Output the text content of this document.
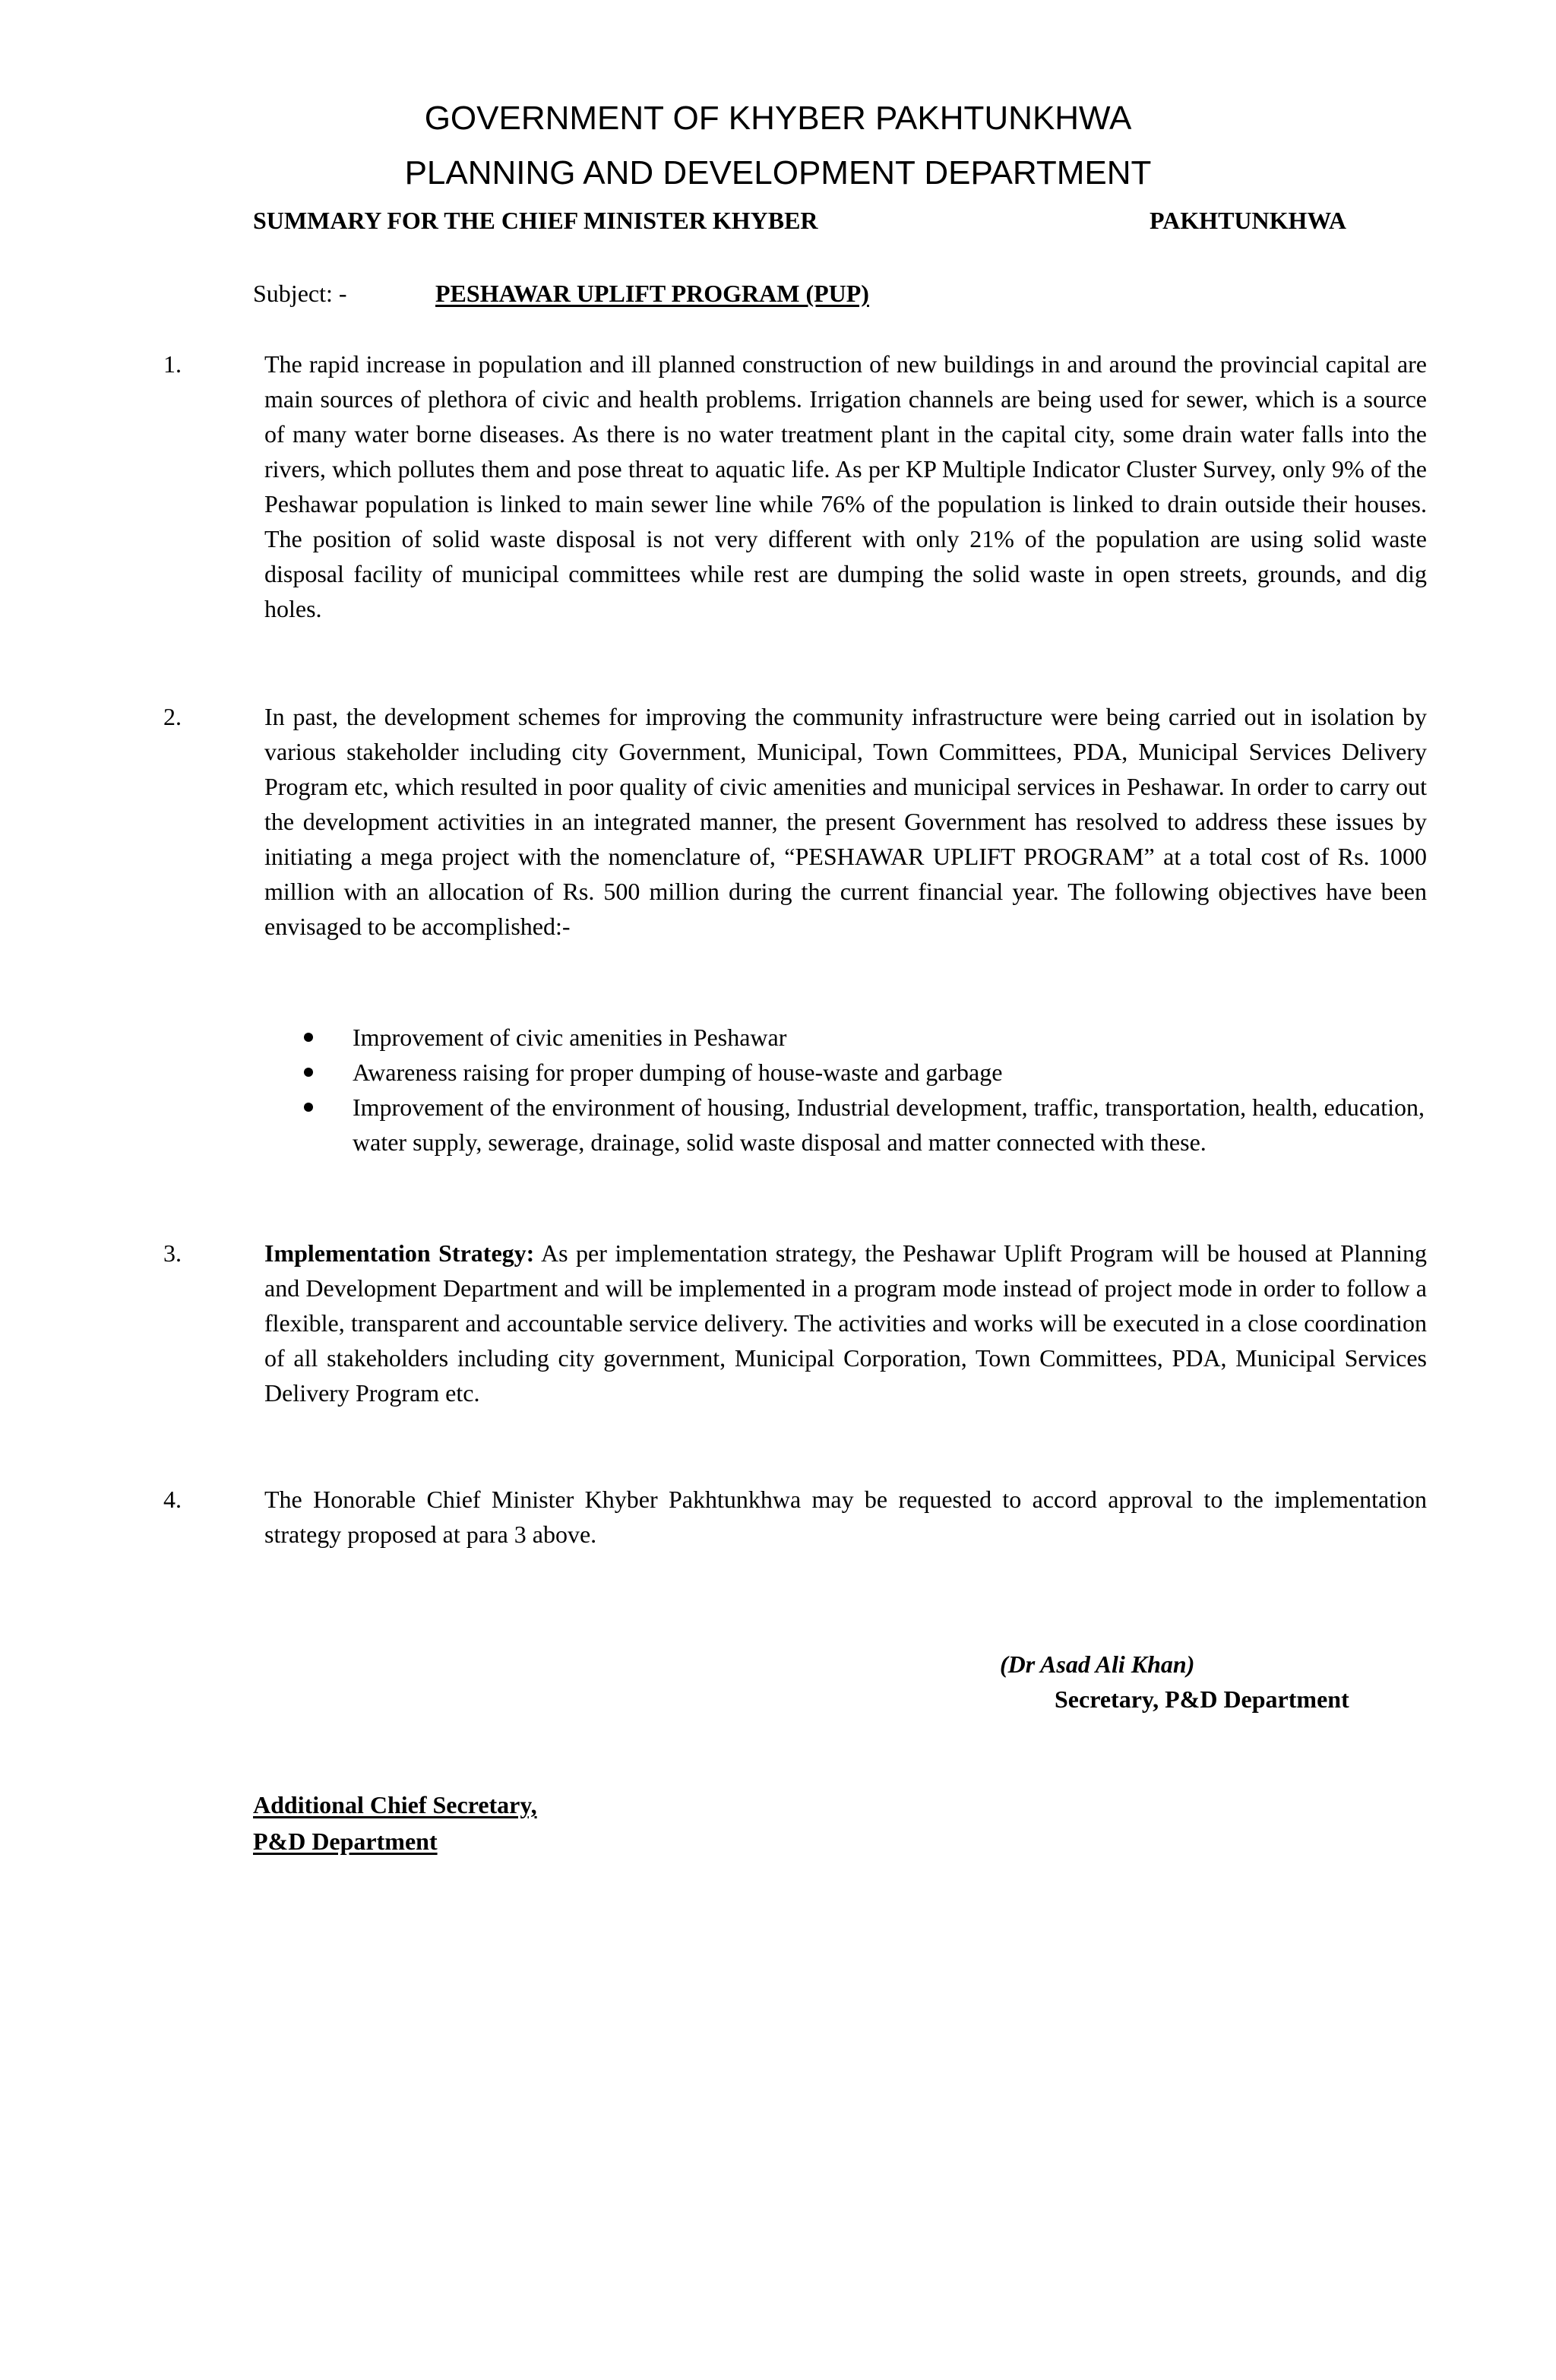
GOVERNMENT OF KHYBER PAKHTUNKHWA
PLANNING AND DEVELOPMENT DEPARTMENT
SUMMARY FOR THE CHIEF MINISTER KHYBER	PAKHTUNKHWA
Subject: -	PESHAWAR UPLIFT PROGRAM (PUP)
1.	The rapid increase in population and ill planned construction of new buildings in and around the provincial capital are main sources of plethora of civic and health problems. Irrigation channels are being used for sewer, which is a source of many water borne diseases. As there is no water treatment plant in the capital city, some drain water falls into the rivers, which pollutes them and pose threat to aquatic life. As per KP Multiple Indicator Cluster Survey, only 9% of the Peshawar population is linked to main sewer line while 76% of the population is linked to drain outside their houses. The position of solid waste disposal is not very different with only 21% of the population are using solid waste disposal facility of municipal committees while rest are dumping the solid waste in open streets, grounds, and dig holes.
2.	In past, the development schemes for improving the community infrastructure were being carried out in isolation by various stakeholder including city Government, Municipal, Town Committees, PDA, Municipal Services Delivery Program etc, which resulted in poor quality of civic amenities and municipal services in Peshawar. In order to carry out the development activities in an integrated manner, the present Government has resolved to address these issues by initiating a mega project with the nomenclature of, “PESHAWAR UPLIFT PROGRAM” at a total cost of Rs. 1000 million with an allocation of Rs. 500 million during the current financial year. The following objectives have been envisaged to be accomplished:-
Improvement of civic amenities in Peshawar
Awareness raising for proper dumping of house-waste and garbage
Improvement of the environment of housing, Industrial development, traffic, transportation, health, education, water supply, sewerage, drainage, solid waste disposal and matter connected with these.
3.	Implementation Strategy: As per implementation strategy, the Peshawar Uplift Program will be housed at Planning and Development Department and will be implemented in a program mode instead of project mode in order to follow a flexible, transparent and accountable service delivery. The activities and works will be executed in a close coordination of all stakeholders including city government, Municipal Corporation, Town Committees, PDA, Municipal Services Delivery Program etc.
4.	The Honorable Chief Minister Khyber Pakhtunkhwa may be requested to accord approval to the implementation strategy proposed at para 3 above.
(Dr Asad Ali Khan)
Secretary, P&D Department
Additional Chief Secretary,
P&D Department
